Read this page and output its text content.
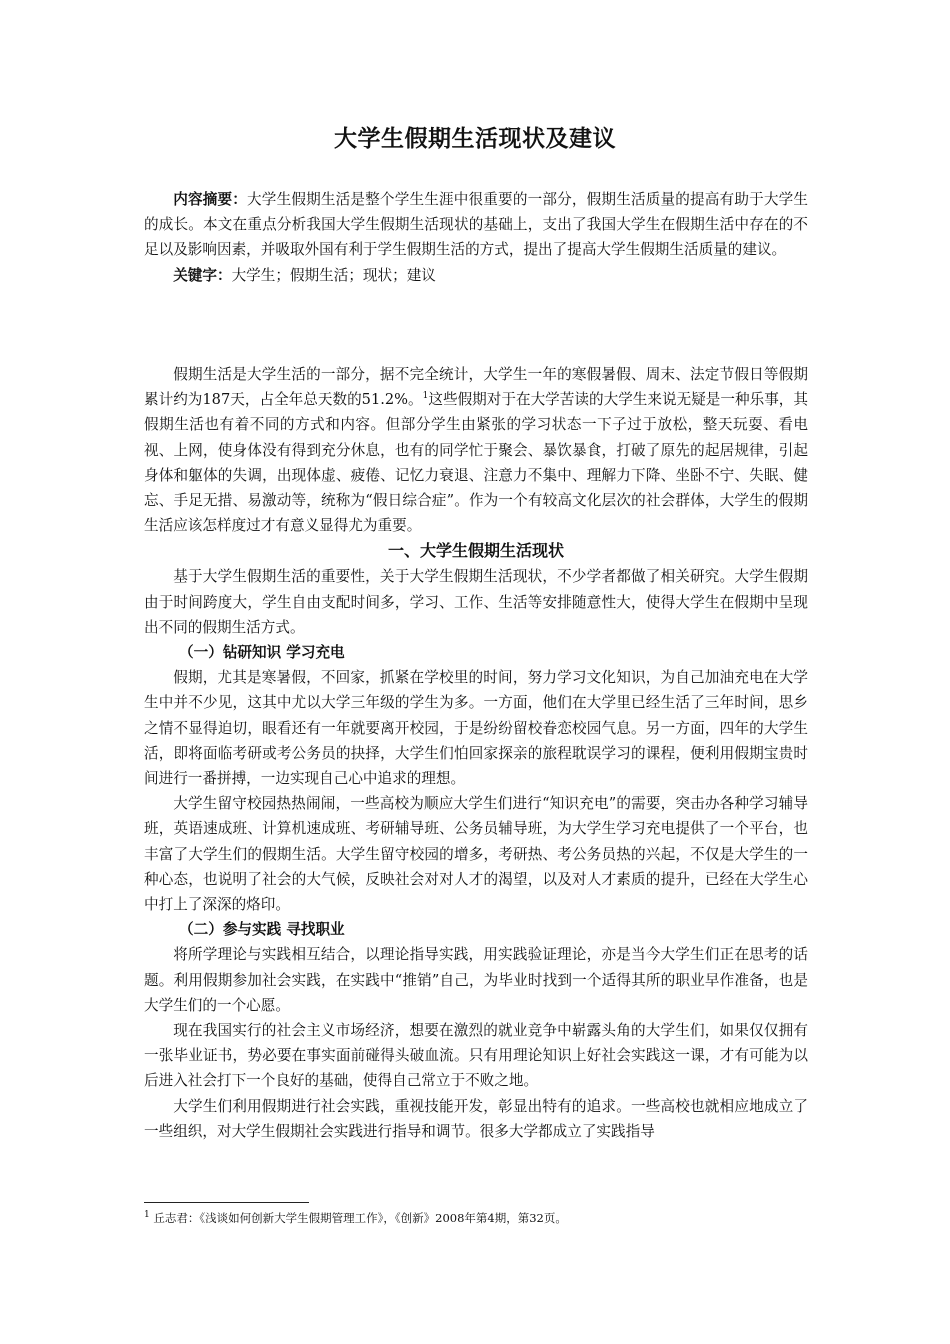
大学生假期生活现状及建议

内容摘要：大学生假期生活是整个学生生涯中很重要的一部分，假期生活质量的提高有助于大学生的成长。本文在重点分析我国大学生假期生活现状的基础上，支出了我国大学生在假期生活中存在的不足以及影响因素，并吸取外国有利于学生假期生活的方式，提出了提高大学生假期生活质量的建议。

关键字：大学生；假期生活；现状；建议

假期生活是大学生活的一部分，据不完全统计，大学生一年的寒假暑假、周末、法定节假日等假期累计约为187天，占全年总天数的51.2%。$^1$这些假期对于在大学苦读的大学生来说无疑是一种乐事，其假期生活也有着不同的方式和内容。但部分学生由紧张的学习状态一下子过于放松，整天玩耍、看电视、上网，使身体没有得到充分休息，也有的同学忙于聚会、暴饮暴食，打破了原先的起居规律，引起身体和躯体的失调，出现体虚、疲倦、记忆力衰退、注意力不集中、理解力下降、坐卧不宁、失眠、健忘、手足无措、易激动等，统称为“假日综合症”。作为一个有较高文化层次的社会群体，大学生的假期生活应该怎样度过才有意义显得尤为重要。

一、大学生假期生活现状

基于大学生假期生活的重要性，关于大学生假期生活现状，不少学者都做了相关研究。大学生假期由于时间跨度大，学生自由支配时间多，学习、工作、生活等安排随意性大，使得大学生在假期中呈现出不同的假期生活方式。

（一）钻研知识 学习充电

假期，尤其是寒暑假，不回家，抓紧在学校里的时间，努力学习文化知识，为自己加油充电在大学生中并不少见，这其中尤以大学三年级的学生为多。一方面，他们在大学里已经生活了三年时间，思乡之情不显得迫切，眼看还有一年就要离开校园，于是纷纷留校眷恋校园气息。另一方面，四年的大学生活，即将面临考研或考公务员的抉择，大学生们怕回家探亲的旅程耽误学习的课程，便利用假期宝贵时间进行一番拼搏，一边实现自己心中追求的理想。

大学生留守校园热热闹闹，一些高校为顺应大学生们进行“知识充电”的需要，突击办各种学习辅导班，英语速成班、计算机速成班、考研辅导班、公务员辅导班，为大学生学习充电提供了一个平台，也丰富了大学生们的假期生活。大学生留守校园的增多，考研热、考公务员热的兴起，不仅是大学生的一种心态，也说明了社会的大气候，反映社会对对人才的渴望，以及对人才素质的提升，已经在大学生心中打上了深深的烙印。

（二）参与实践 寻找职业

将所学理论与实践相互结合，以理论指导实践，用实践验证理论，亦是当今大学生们正在思考的话题。利用假期参加社会实践，在实践中“推销”自己，为毕业时找到一个适得其所的职业早作准备，也是大学生们的一个心愿。

现在我国实行的社会主义市场经济，想要在激烈的就业竞争中崭露头角的大学生们，如果仅仅拥有一张毕业证书，势必要在事实面前碰得头破血流。只有用理论知识上好社会实践这一课，才有可能为以后进入社会打下一个良好的基础，使得自己常立于不败之地。

大学生们利用假期进行社会实践，重视技能开发，彰显出特有的追求。一些高校也就相应地成立了一些组织，对大学生假期社会实践进行指导和调节。很多大学都成立了实践指导

$^1$ 丘志君：《浅谈如何创新大学生假期管理工作》，《创新》2008年第4期，第32页。
